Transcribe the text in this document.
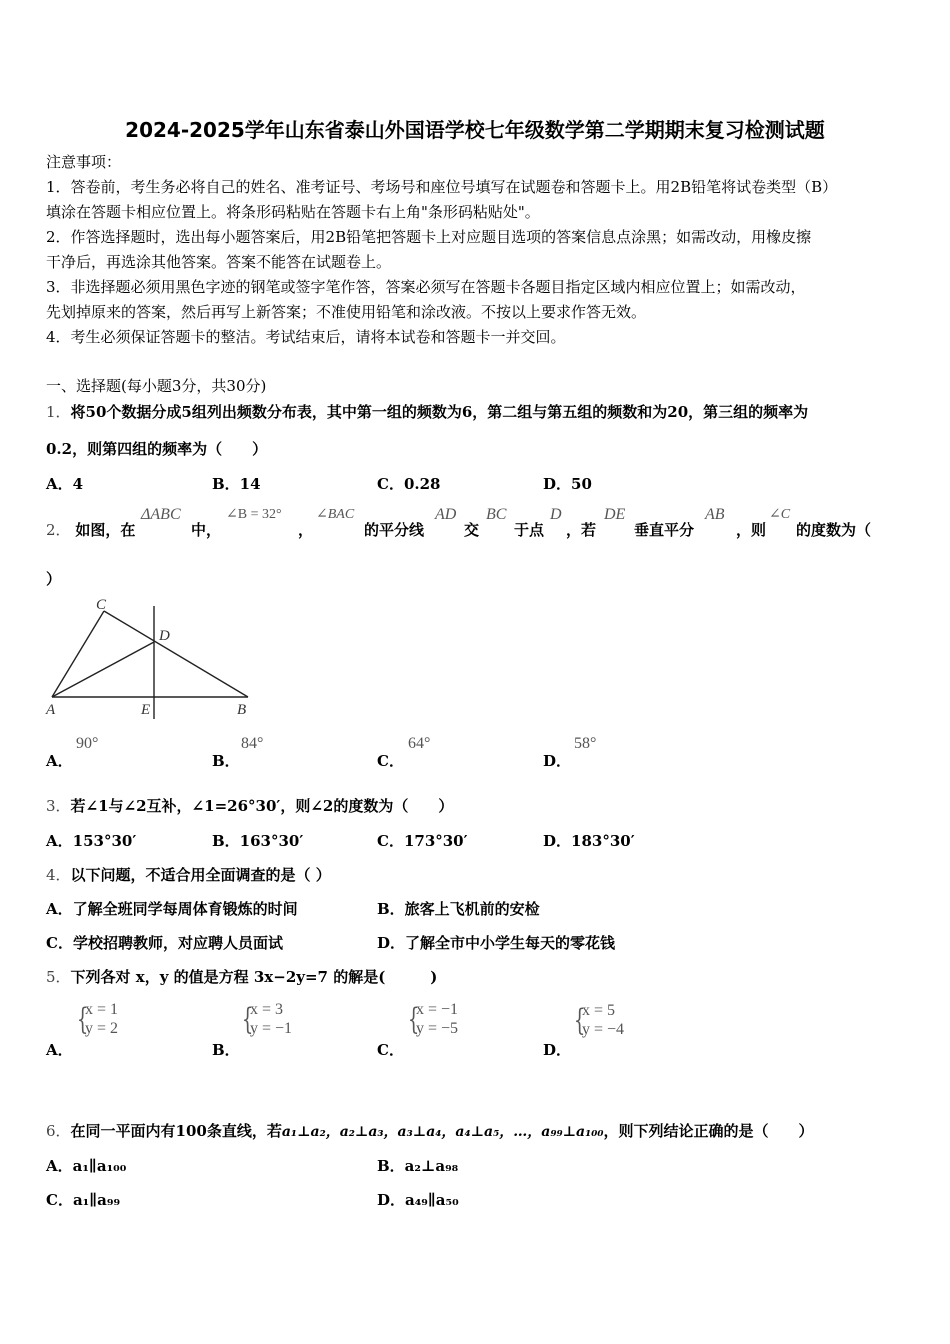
2024-2025学年山东省泰山外国语学校七年级数学第二学期期末复习检测试题
注意事项：
1．答卷前，考生务必将自己的姓名、准考证号、考场号和座位号填写在试题卷和答题卡上。用2B铅笔将试卷类型（B）
填涂在答题卡相应位置上。将条形码粘贴在答题卡右上角"条形码粘贴处"。
2．作答选择题时，选出每小题答案后，用2B铅笔把答题卡上对应题目选项的答案信息点涂黑；如需改动，用橡皮擦
干净后，再选涂其他答案。答案不能答在试题卷上。
3．非选择题必须用黑色字迹的钢笔或签字笔作答，答案必须写在答题卡各题目指定区域内相应位置上；如需改动，
先划掉原来的答案，然后再写上新答案；不准使用铅笔和涂改液。不按以上要求作答无效。
4．考生必须保证答题卡的整洁。考试结束后，请将本试卷和答题卡一并交回。
一、选择题(每小题3分，共30分)
1．将50个数据分成5组列出频数分布表，其中第一组的频数为6，第二组与第五组的频数和为20，第三组的频率为
0.2，则第四组的频率为（　　）
A．4	B．14	C．0.28	D．50
2． 如图，在
ΔABC
中，
∠B = 32°
，
∠BAC
的平分线
AD
交
BC
于点
D
，若
DE
垂直平分
AB
，则
∠C
的度数为（
）
C
D
A	E	B
A．
90°
B．
84°
C．
64°
D．
58°
3．若∠1与∠2互补，∠1=26°30′，则∠2的度数为（　　）
A．153°30′	B．163°30′	C．173°30′	D．183°30′
4．以下问题，不适合用全面调查的是（ ）
A．了解全班同学每周体育锻炼的时间	B．旅客上飞机前的安检
C．学校招聘教师，对应聘人员面试	D．了解全市中小学生每天的零花钱
5．下列各对 x，y 的值是方程 3x−2y=7 的解是(　　　)
A．
{
x = 1
y = 2
B．
{
x = 3
y = −1
C．
{
x = −1
y = −5
D．
{
x = 5
y = −4
6．在同一平面内有100条直线，若a₁⊥a₂，a₂⊥a₃，a₃⊥a₄，a₄⊥a₅，…，a₉₉⊥a₁₀₀，则下列结论正确的是（　　）
A．a₁∥a₁₀₀	B．a₂⊥a₉₈
C．a₁∥a₉₉	D．a₄₉∥a₅₀
